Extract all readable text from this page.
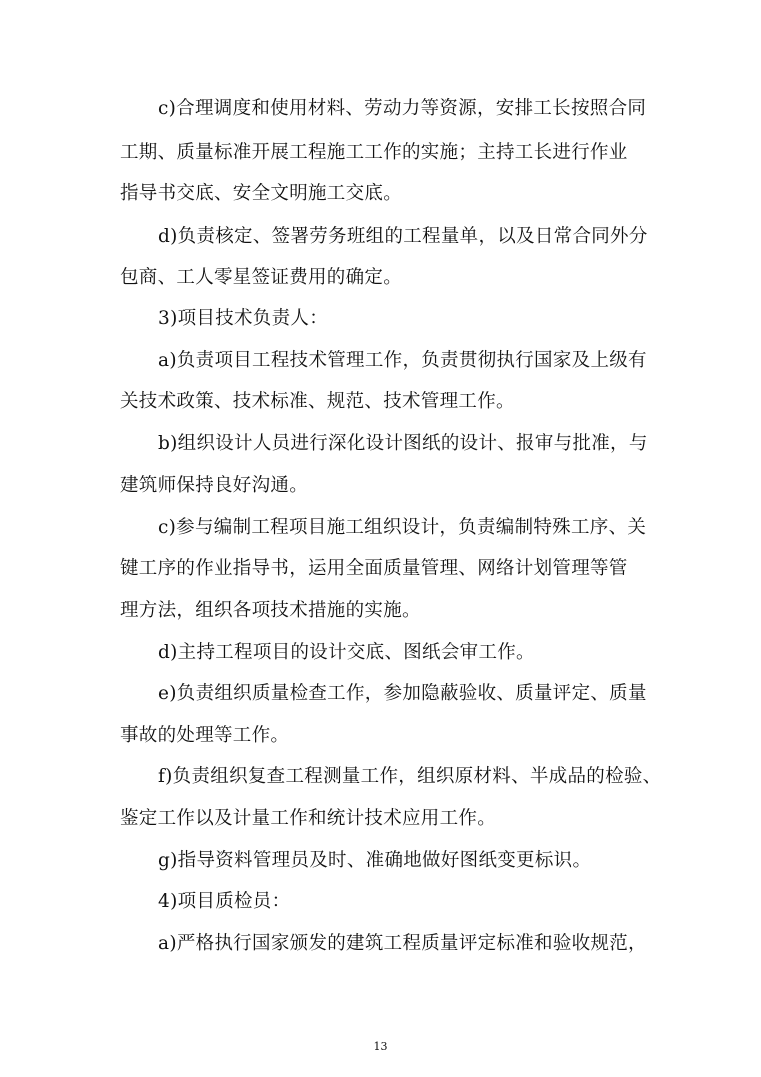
c)合理调度和使用材料、劳动力等资源，安排工长按照合同
工期、质量标准开展工程施工工作的实施；主持工长进行作业
指导书交底、安全文明施工交底。
d)负责核定、签署劳务班组的工程量单，以及日常合同外分
包商、工人零星签证费用的确定。
3)项目技术负责人：
a)负责项目工程技术管理工作，负责贯彻执行国家及上级有
关技术政策、技术标准、规范、技术管理工作。
b)组织设计人员进行深化设计图纸的设计、报审与批准，与
建筑师保持良好沟通。
c)参与编制工程项目施工组织设计，负责编制特殊工序、关
键工序的作业指导书，运用全面质量管理、网络计划管理等管
理方法，组织各项技术措施的实施。
d)主持工程项目的设计交底、图纸会审工作。
e)负责组织质量检查工作，参加隐蔽验收、质量评定、质量
事故的处理等工作。
f)负责组织复查工程测量工作，组织原材料、半成品的检验、
鉴定工作以及计量工作和统计技术应用工作。
g)指导资料管理员及时、准确地做好图纸变更标识。
4)项目质检员：
a)严格执行国家颁发的建筑工程质量评定标准和验收规范，
13
